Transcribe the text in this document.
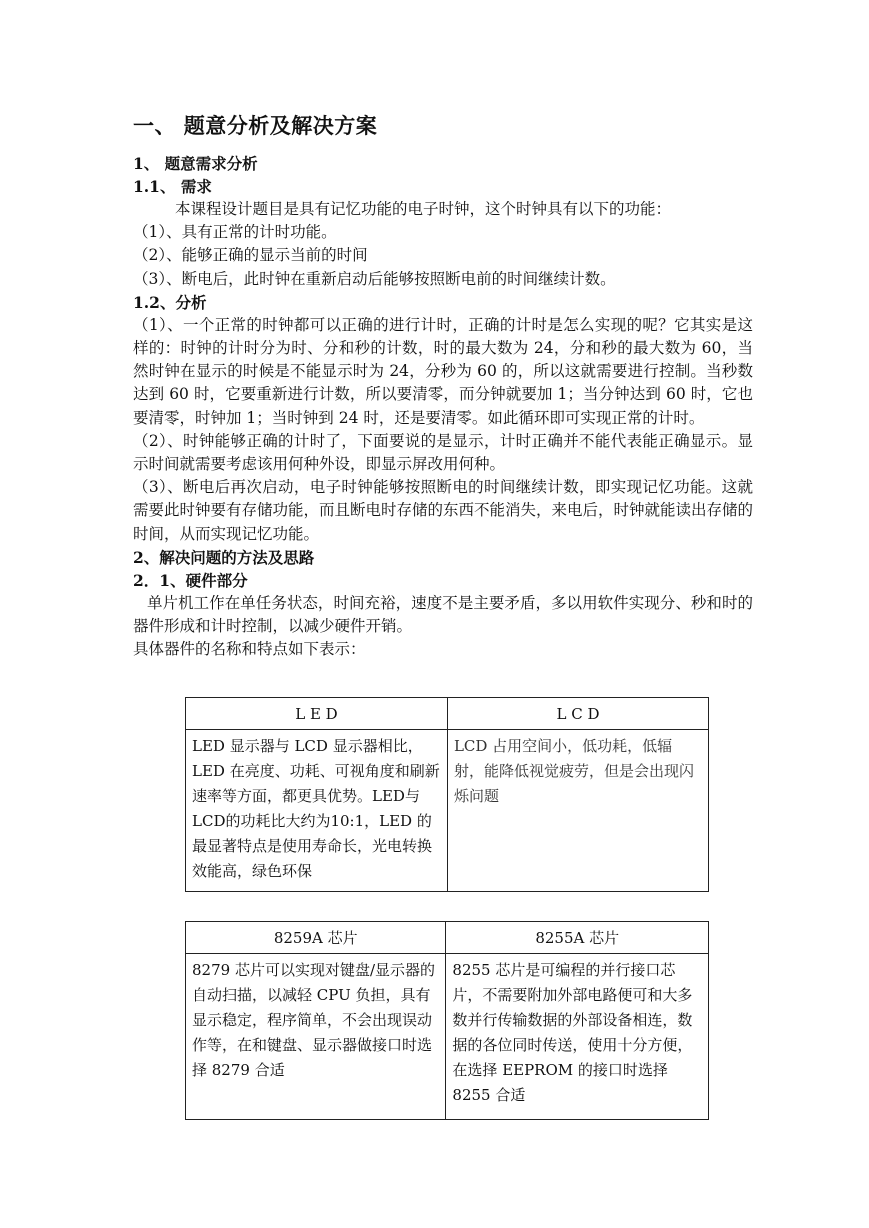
一、 题意分析及解决方案
1、 题意需求分析
1.1、 需求

本课程设计题目是具有记忆功能的电子时钟，这个时钟具有以下的功能：

（1）、具有正常的计时功能。

（2）、能够正确的显示当前的时间

（3）、断电后，此时钟在重新启动后能够按照断电前的时间继续计数。

1.2、分析

（1）、一个正常的时钟都可以正确的进行计时，正确的计时是怎么实现的呢？它其实是这样的：时钟的计时分为时、分和秒的计数，时的最大数为 24，分和秒的最大数为 60，当然时钟在显示的时候是不能显示时为 24，分秒为 60 的，所以这就需要进行控制。当秒数达到 60 时，它要重新进行计数，所以要清零，而分钟就要加 1；当分钟达到 60 时，它也要清零，时钟加 1；当时钟到 24 时，还是要清零。如此循环即可实现正常的计时。

（2）、时钟能够正确的计时了，下面要说的是显示，计时正确并不能代表能正确显示。显示时间就需要考虑该用何种外设，即显示屏改用何种。

（3）、断电后再次启动，电子时钟能够按照断电的时间继续计数，即实现记忆功能。这就需要此时钟要有存储功能，而且断电时存储的东西不能消失，来电后，时钟就能读出存储的时间，从而实现记忆功能。

2、解决问题的方法及思路
2．1、硬件部分

单片机工作在单任务状态，时间充裕，速度不是主要矛盾，多以用软件实现分、秒和时的器件形成和计时控制，以减少硬件开销。

具体器件的名称和特点如下表示：

L E D	L C D
LED 显示器与 LCD 显示器相比，LED 在亮度、功耗、可视角度和刷新速率等方面，都更具优势。LED与LCD的功耗比大约为10:1，LED 的最显著特点是使用寿命长，光电转换效能高，绿色环保	LCD 占用空间小，低功耗，低辐射，能降低视觉疲劳，但是会出现闪烁问题
8259A 芯片	8255A 芯片
8279 芯片可以实现对键盘/显示器的自动扫描，以减轻 CPU 负担，具有显示稳定，程序简单，不会出现误动作等，在和键盘、显示器做接口时选择 8279 合适	8255 芯片是可编程的并行接口芯片，不需要附加外部电路便可和大多数并行传输数据的外部设备相连，数据的各位同时传送，使用十分方便，在选择 EEPROM 的接口时选择 8255 合适
